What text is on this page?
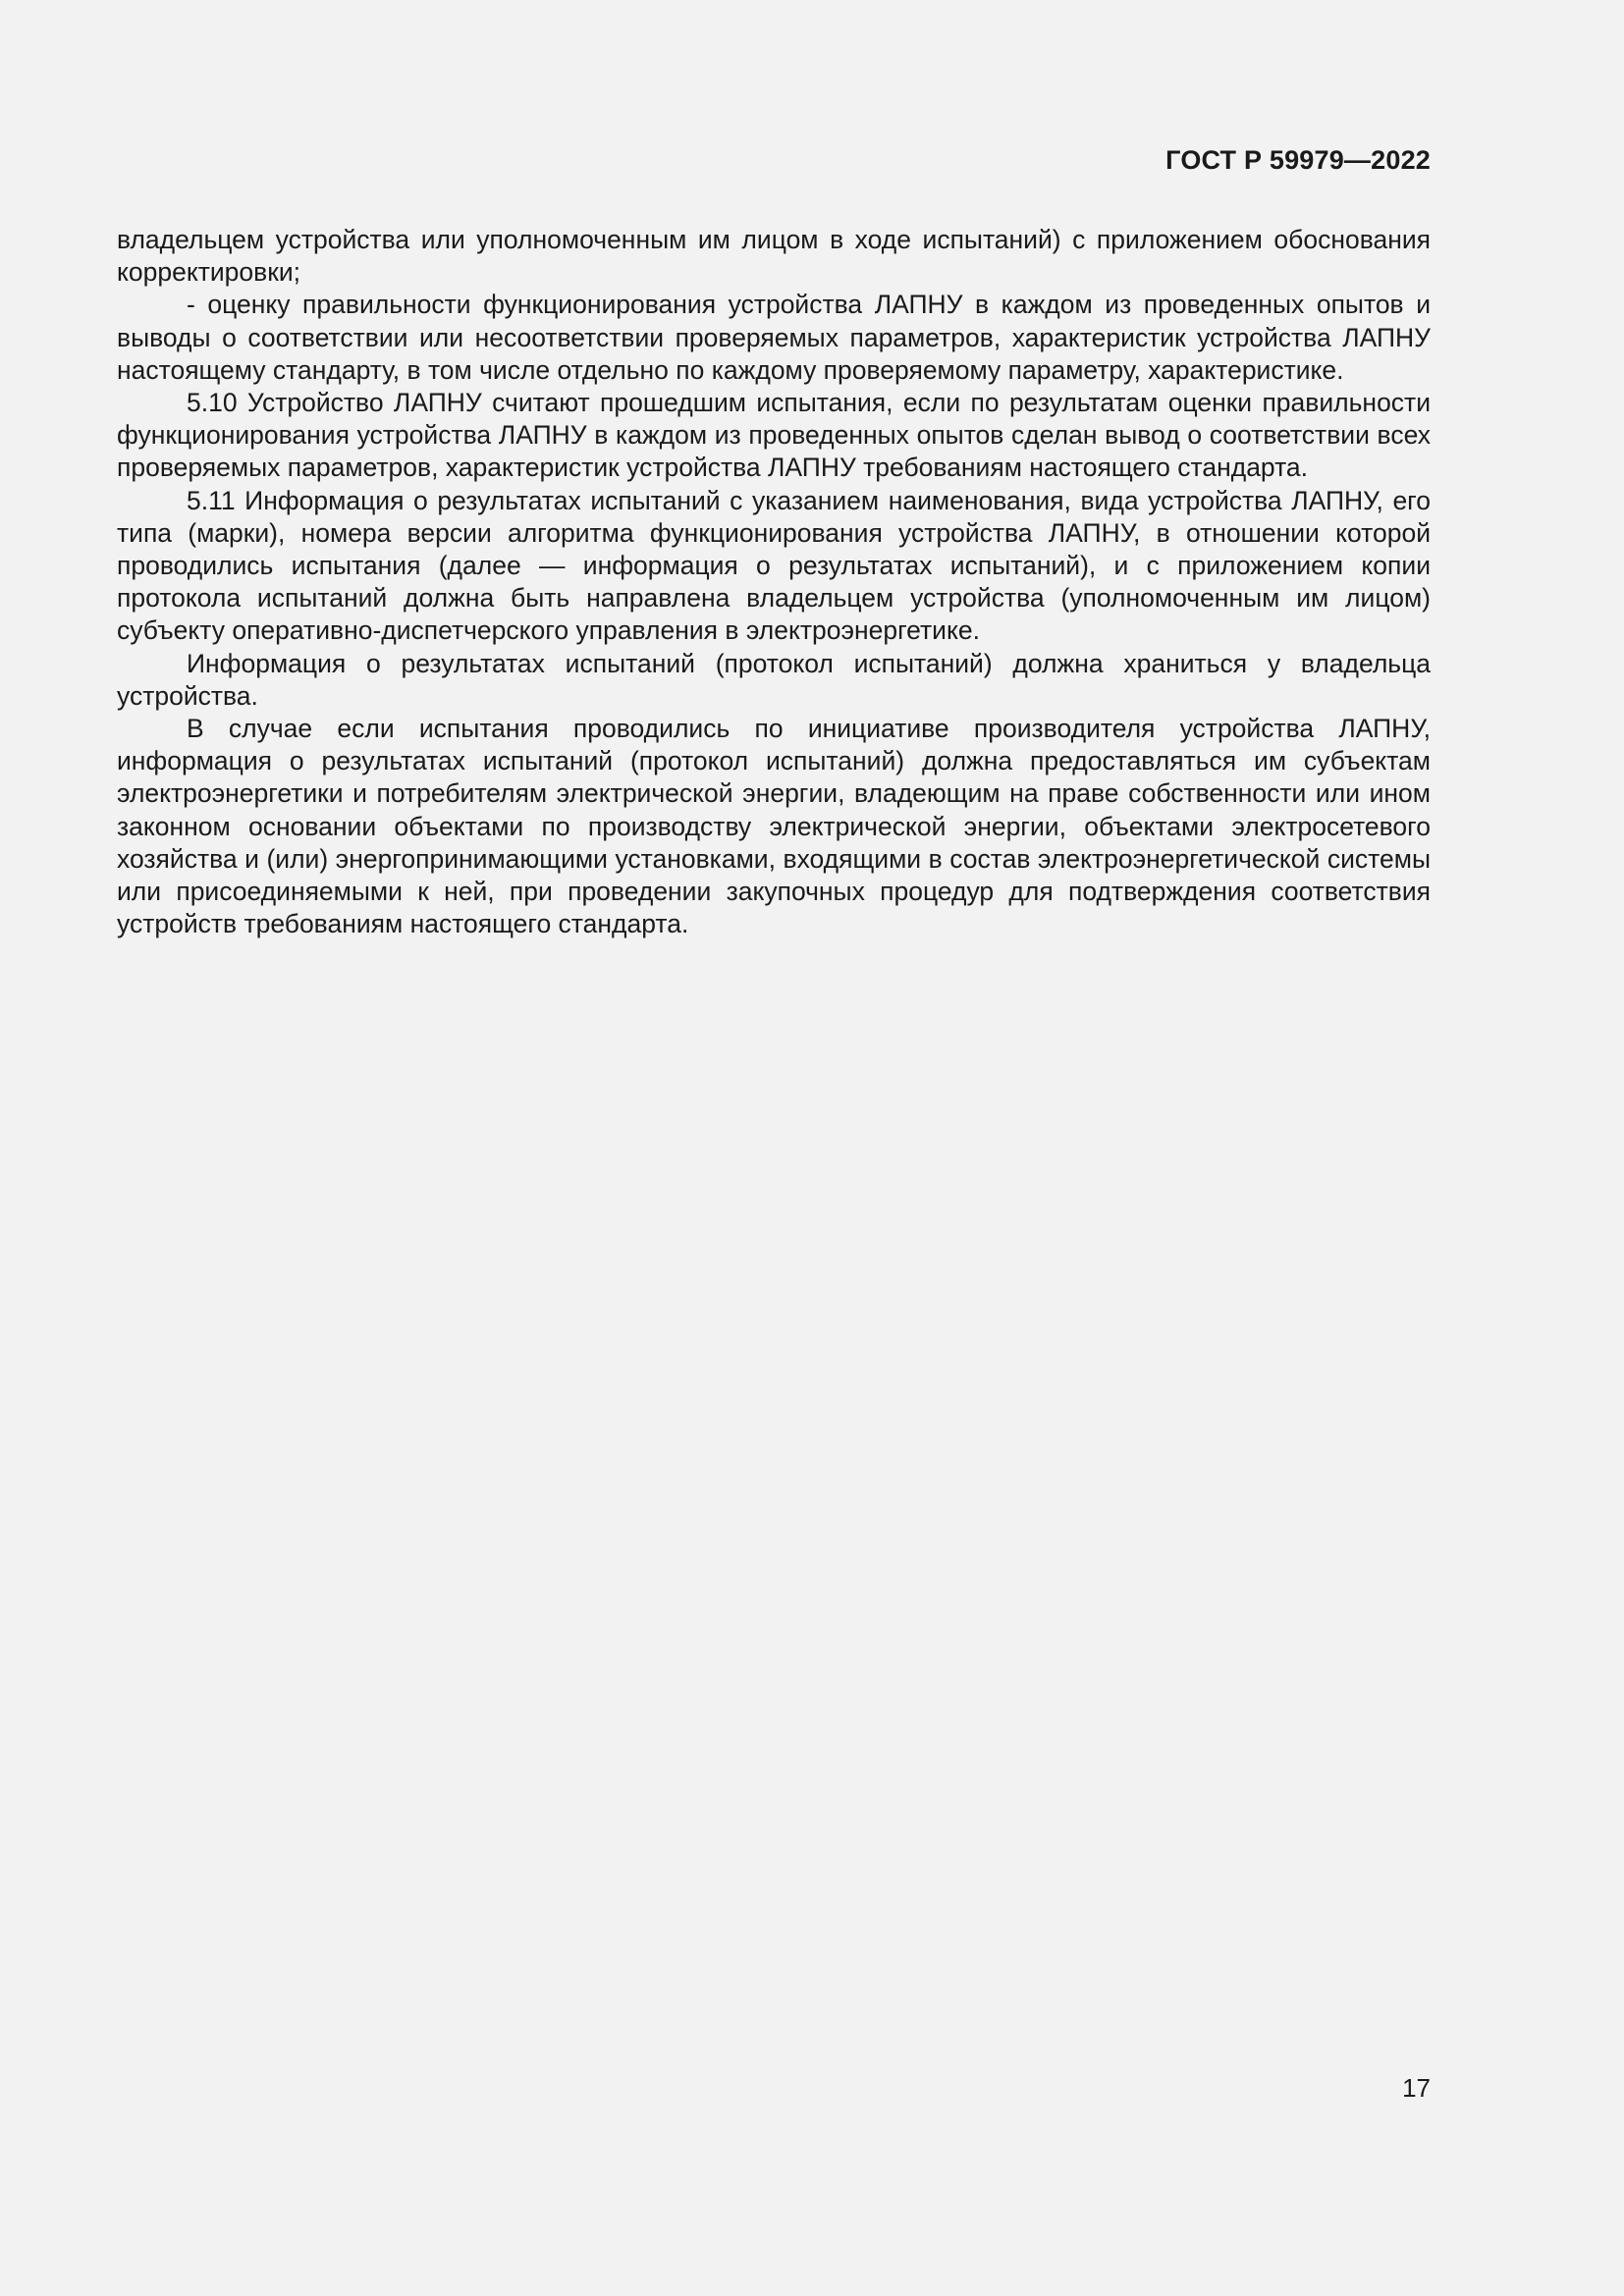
ГОСТ Р 59979—2022

владельцем устройства или уполномоченным им лицом в ходе испытаний) с приложением обоснования корректировки;

- оценку правильности функционирования устройства ЛАПНУ в каждом из проведенных опытов и выводы о соответствии или несоответствии проверяемых параметров, характеристик устройства ЛАПНУ настоящему стандарту, в том числе отдельно по каждому проверяемому параметру, характеристике.

5.10 Устройство ЛАПНУ считают прошедшим испытания, если по результатам оценки правильности функционирования устройства ЛАПНУ в каждом из проведенных опытов сделан вывод о соответствии всех проверяемых параметров, характеристик устройства ЛАПНУ требованиям настоящего стандарта.

5.11 Информация о результатах испытаний с указанием наименования, вида устройства ЛАПНУ, его типа (марки), номера версии алгоритма функционирования устройства ЛАПНУ, в отношении которой проводились испытания (далее — информация о результатах испытаний), и с приложением копии протокола испытаний должна быть направлена владельцем устройства (уполномоченным им лицом) субъекту оперативно-диспетчерского управления в электроэнергетике.

Информация о результатах испытаний (протокол испытаний) должна храниться у владельца устройства.

В случае если испытания проводились по инициативе производителя устройства ЛАПНУ, информация о результатах испытаний (протокол испытаний) должна предоставляться им субъектам электроэнергетики и потребителям электрической энергии, владеющим на праве собственности или ином законном основании объектами по производству электрической энергии, объектами электросетевого хозяйства и (или) энергопринимающими установками, входящими в состав электроэнергетической системы или присоединяемыми к ней, при проведении закупочных процедур для подтверждения соответствия устройств требованиям настоящего стандарта.

17
